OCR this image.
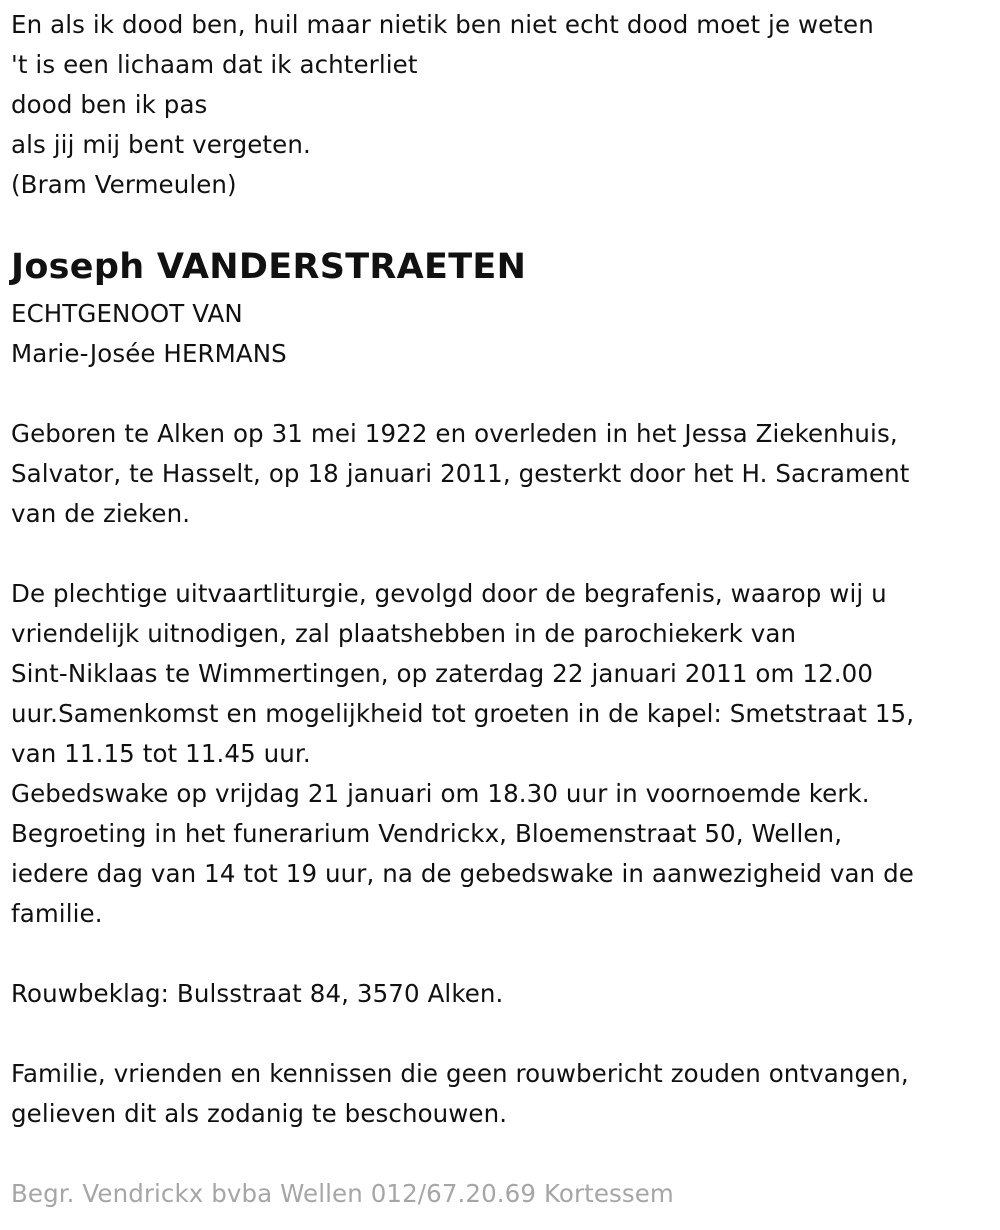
En als ik dood ben, huil maar nietik ben niet echt dood moet je weten
't is een lichaam dat ik achterliet
dood ben ik pas
als jij mij bent vergeten.
(Bram Vermeulen)
Joseph VANDERSTRAETEN
ECHTGENOOT VAN
Marie-Josée HERMANS
Geboren te Alken op 31 mei 1922 en overleden in het Jessa Ziekenhuis,
Salvator, te Hasselt, op 18 januari 2011, gesterkt door het H. Sacrament
van de zieken.
De plechtige uitvaartliturgie, gevolgd door de begrafenis, waarop wij u
vriendelijk uitnodigen, zal plaatshebben in de parochiekerk van
Sint-Niklaas te Wimmertingen, op zaterdag 22 januari 2011 om 12.00
uur.Samenkomst en mogelijkheid tot groeten in de kapel: Smetstraat 15,
van 11.15 tot 11.45 uur.
Gebedswake op vrijdag 21 januari om 18.30 uur in voornoemde kerk.
Begroeting in het funerarium Vendrickx, Bloemenstraat 50, Wellen,
iedere dag van 14 tot 19 uur, na de gebedswake in aanwezigheid van de
familie.
Rouwbeklag: Bulsstraat 84, 3570 Alken.
Familie, vrienden en kennissen die geen rouwbericht zouden ontvangen,
gelieven dit als zodanig te beschouwen.
Begr. Vendrickx bvba Wellen 012/67.20.69 Kortessem
